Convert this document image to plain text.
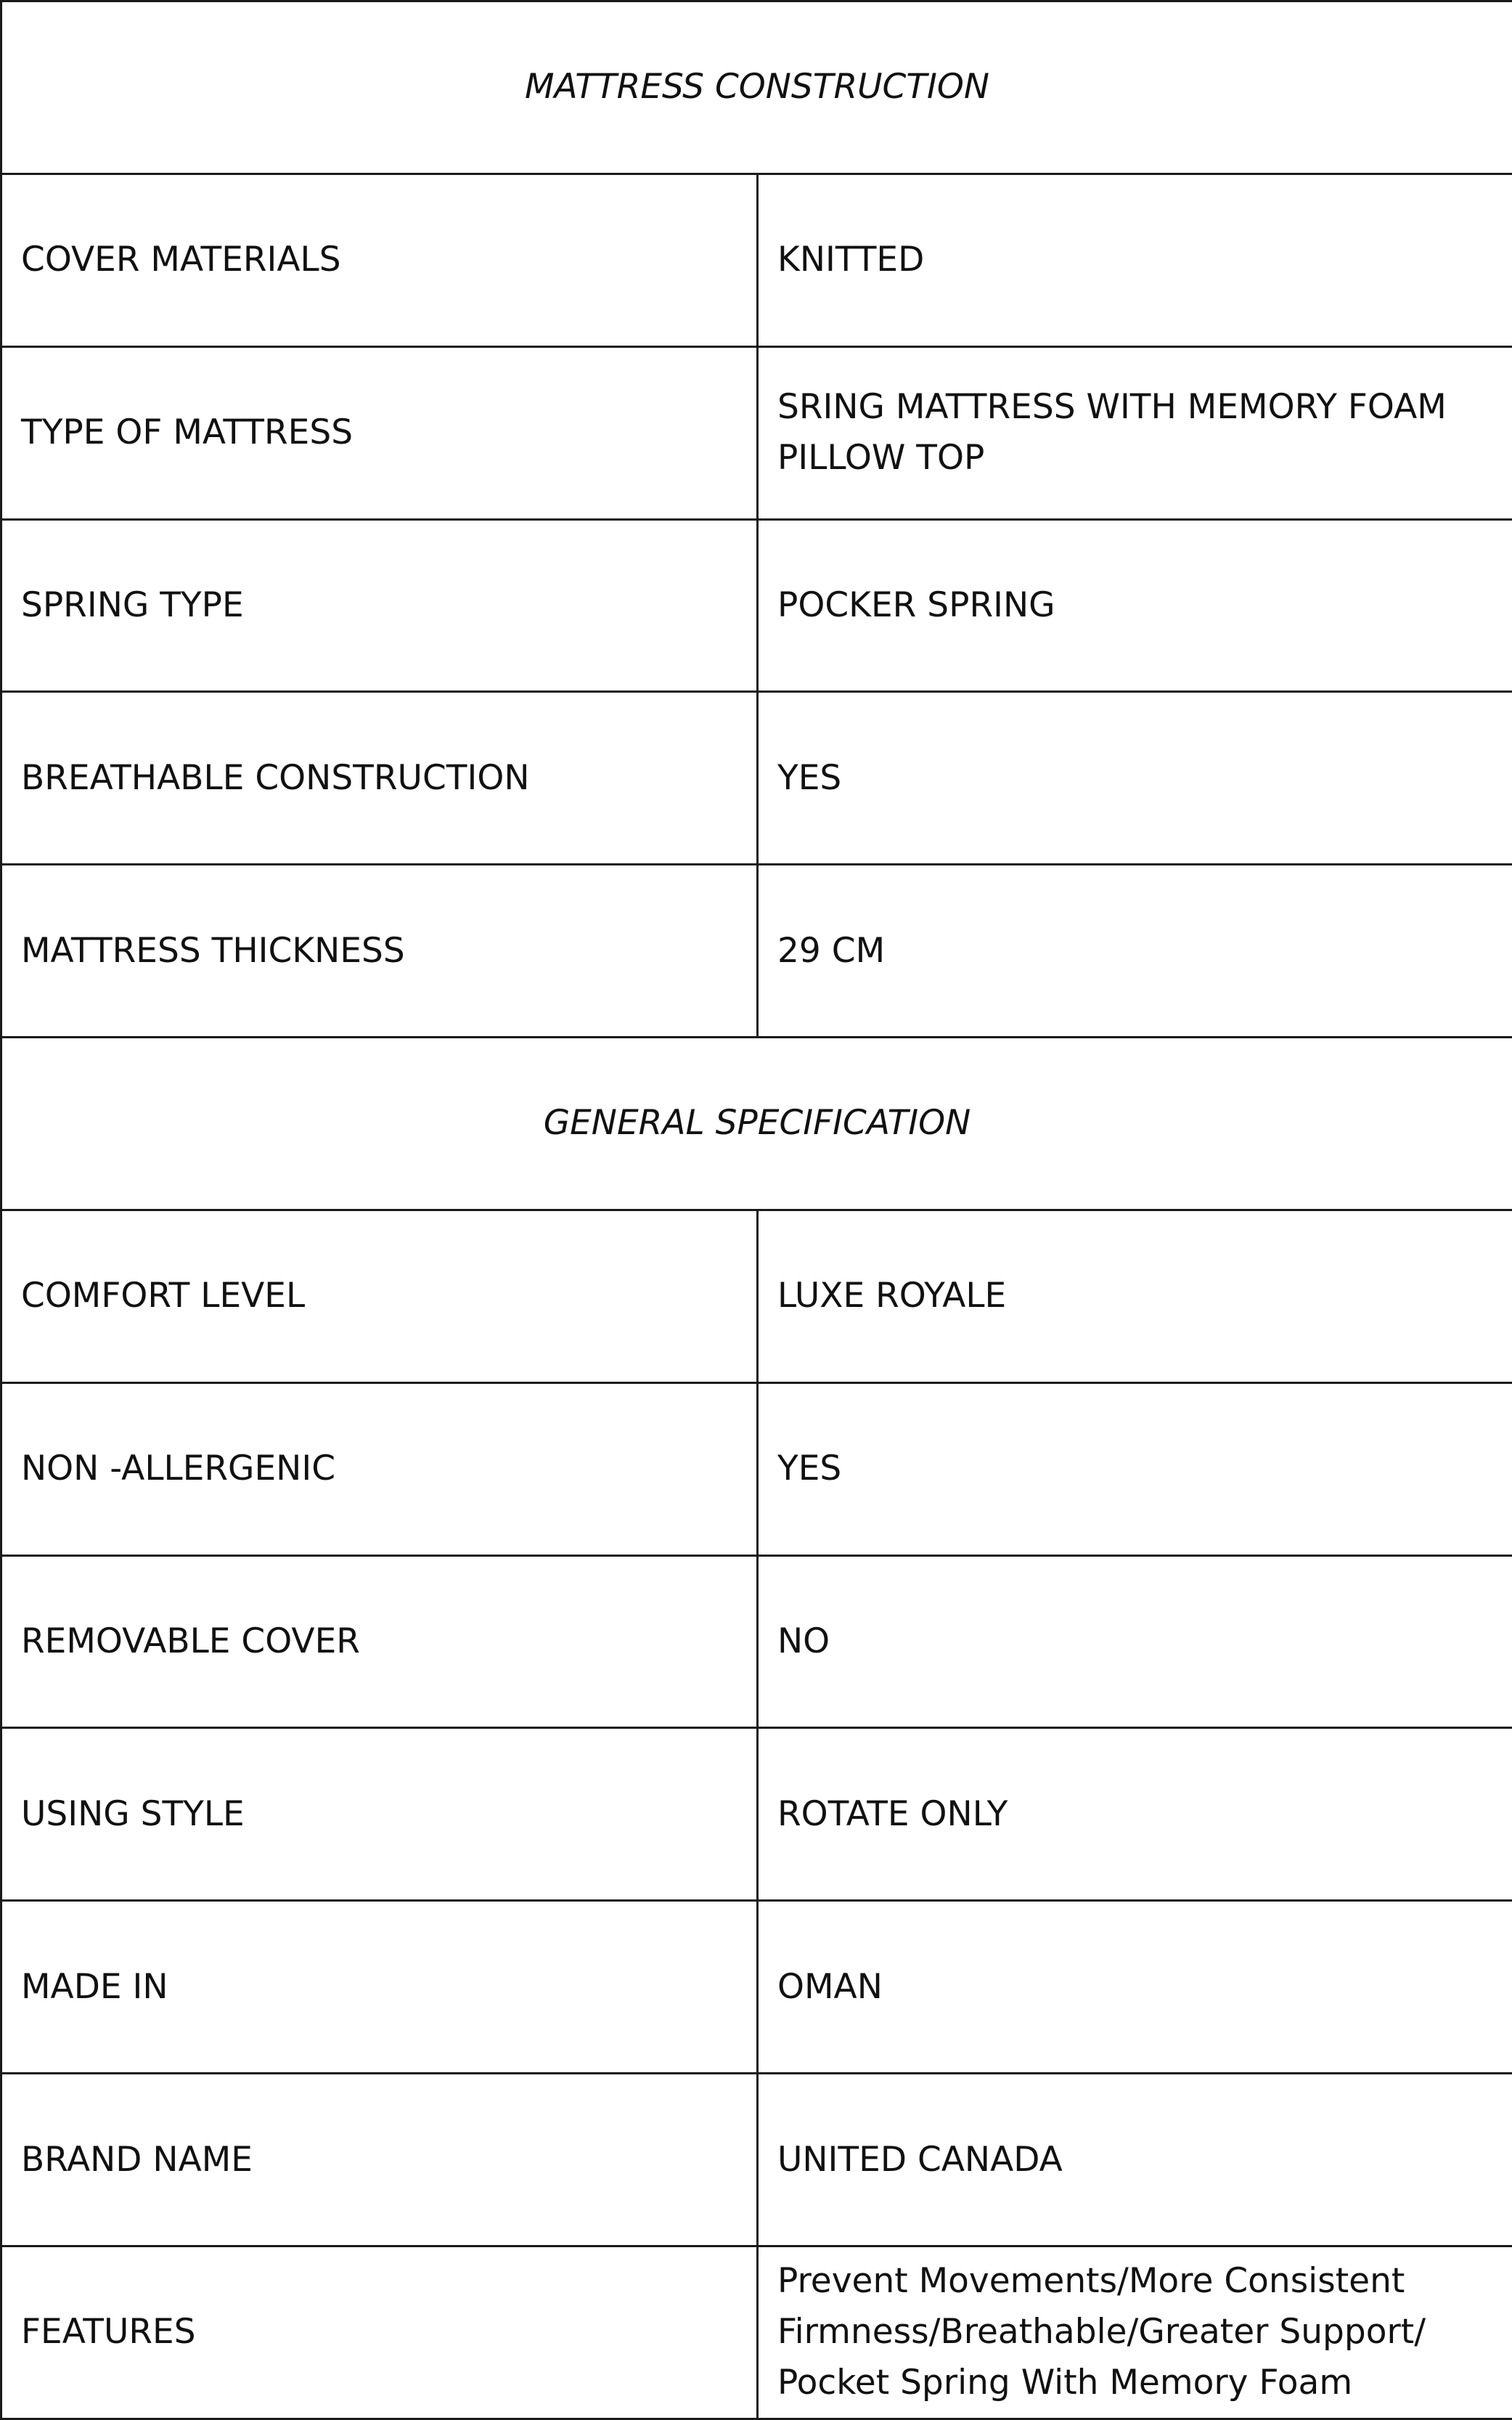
MATTRESS CONSTRUCTION	
COVER MATERIALS	KNITTED
TYPE OF MATTRESS	SRING MATTRESS WITH MEMORY FOAM PILLOW TOP
SPRING TYPE	POCKER SPRING
BREATHABLE CONSTRUCTION	YES
MATTRESS THICKNESS	29 CM
GENERAL SPECIFICATION	
COMFORT LEVEL	LUXE ROYALE
NON -ALLERGENIC	YES
REMOVABLE COVER	NO
USING STYLE	ROTATE ONLY
MADE IN	OMAN
BRAND NAME	UNITED CANADA
FEATURES	Prevent Movements/More Consistent Firmness/Breathable/Greater Support/ Pocket Spring With Memory Foam
